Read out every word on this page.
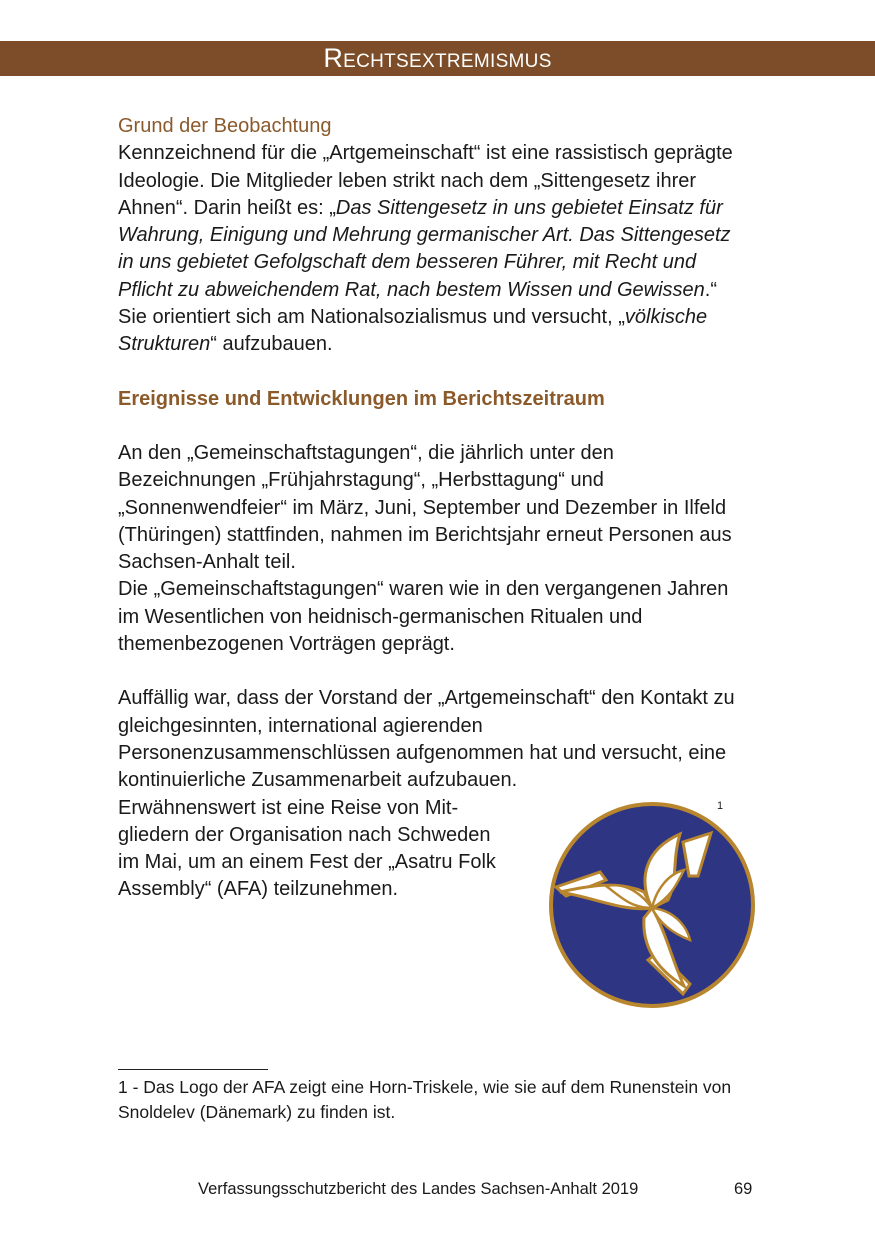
Rechtsextremismus

Grund der Beobachtung

Kennzeichnend für die „Artgemeinschaft“ ist eine rassistisch geprägte Ideologie. Die Mitglieder leben strikt nach dem „Sittengesetz ihrer Ahnen“. Darin heißt es: „Das Sittengesetz in uns gebietet Einsatz für Wahrung, Einigung und Mehrung germanischer Art. Das Sittengesetz in uns gebietet Gefolgschaft dem besseren Führer, mit Recht und Pflicht zu abweichendem Rat, nach bestem Wissen und Gewissen.“

Sie orientiert sich am Nationalsozialismus und versucht, „völkische Strukturen“ aufzubauen.

Ereignisse und Entwicklungen im Berichtszeitraum

An den „Gemeinschaftstagungen“, die jährlich unter den Bezeichnungen „Frühjahrstagung“, „Herbsttagung“ und „Sonnenwendfeier“ im März, Juni, September und Dezember in Ilfeld (Thüringen) stattfinden, nahmen im Berichtsjahr erneut Personen aus Sachsen-Anhalt teil.

Die „Gemeinschaftstagungen“ waren wie in den vergangenen Jahren im Wesentlichen von heidnisch-germanischen Ritualen und themenbezogenen Vorträgen geprägt.

Auffällig war, dass der Vorstand der „Artgemeinschaft“ den Kontakt zu gleichgesinnten, international agierenden Personenzusammenschlüssen aufgenommen hat und versucht, eine kontinuierliche Zusammenarbeit aufzubauen.

Erwähnenswert ist eine Reise von Mit-
gliedern der Organisation nach Schweden
im Mai, um an einem Fest der „Asatru Folk
Assembly“ (AFA) teilzunehmen.

1

1 - Das Logo der AFA zeigt eine Horn-Triskele, wie sie auf dem Runenstein von Snoldelev (Dänemark) zu finden ist.

Verfassungsschutzbericht des Landes Sachsen-Anhalt 2019	69
